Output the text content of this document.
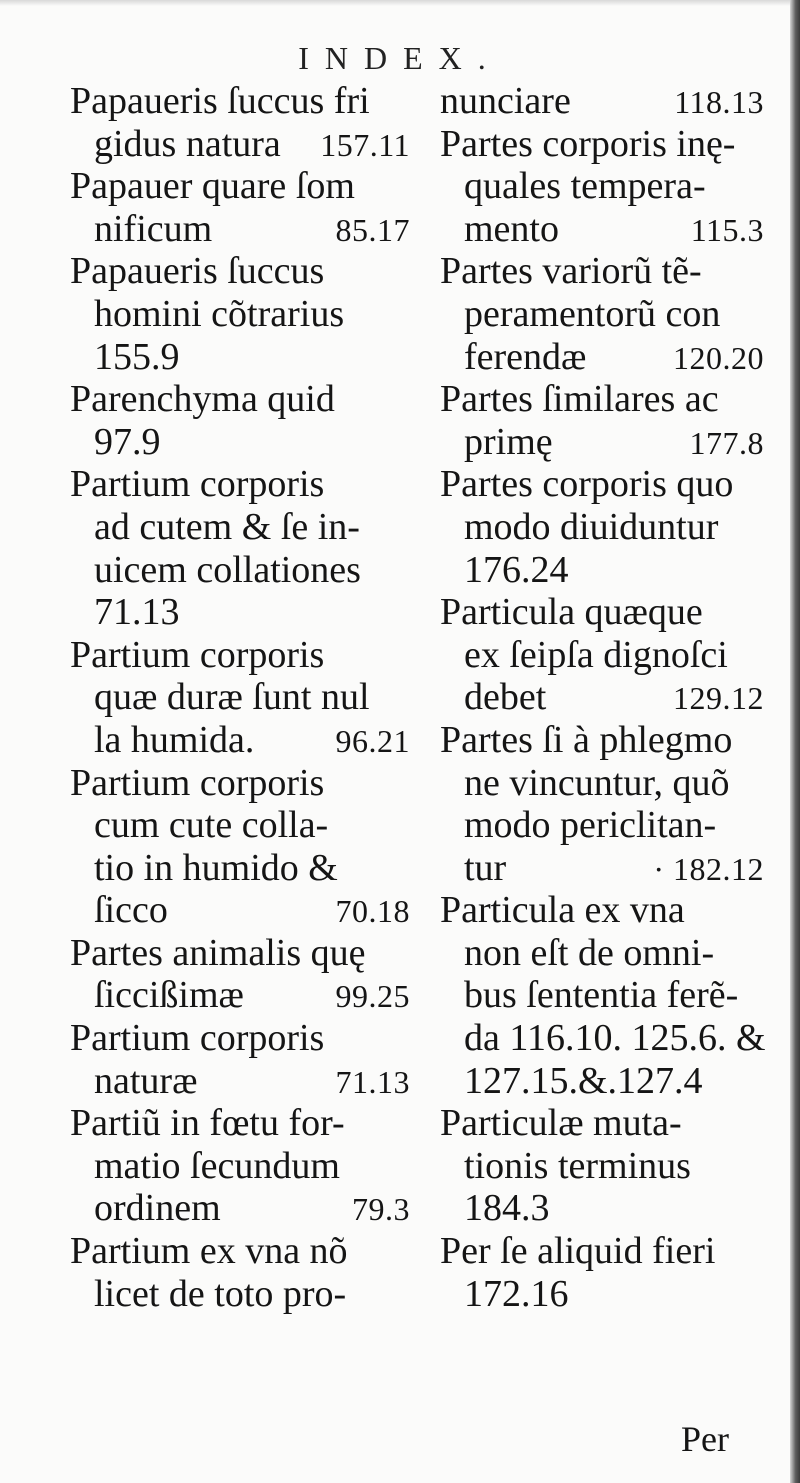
INDEX.
Papaueris ſuccus fri
gidus natura	157.11
Papauer quare ſom
nificum	85.17
Papaueris ſuccus
homini cõtrarius
155.9
Parenchyma quid
97.9
Partium corporis
ad cutem & ſe in-
uicem collationes
71.13
Partium corporis
quæ duræ ſunt nul
la humida.	96.21
Partium corporis
cum cute colla-
tio in humido &
ſicco	70.18
Partes animalis quę
ſiccißimæ	99.25
Partium corporis
naturæ	71.13
Partiũ in fœtu for-
matio ſecundum
ordinem	79.3
Partium ex vna nõ
licet de toto pro-
nunciare	118.13
Partes corporis inę-
quales tempera-
mento	115.3
Partes variorũ tẽ-
peramentorũ con
ferendæ	120.20
Partes ſimilares ac
primę	177.8
Partes corporis quo
modo diuiduntur
176.24
Particula quæque
ex ſeipſa dignoſci
debet	129.12
Partes ſi à phlegmo
ne vincuntur, quõ
modo periclitan-
tur	· 182.12
Particula ex vna
non eſt de omni-
bus ſententia ferẽ-
da 116.10. 125.6. &
127.15.&.127.4
Particulæ muta-
tionis terminus
184.3
Per ſe aliquid fieri
172.16
Per
